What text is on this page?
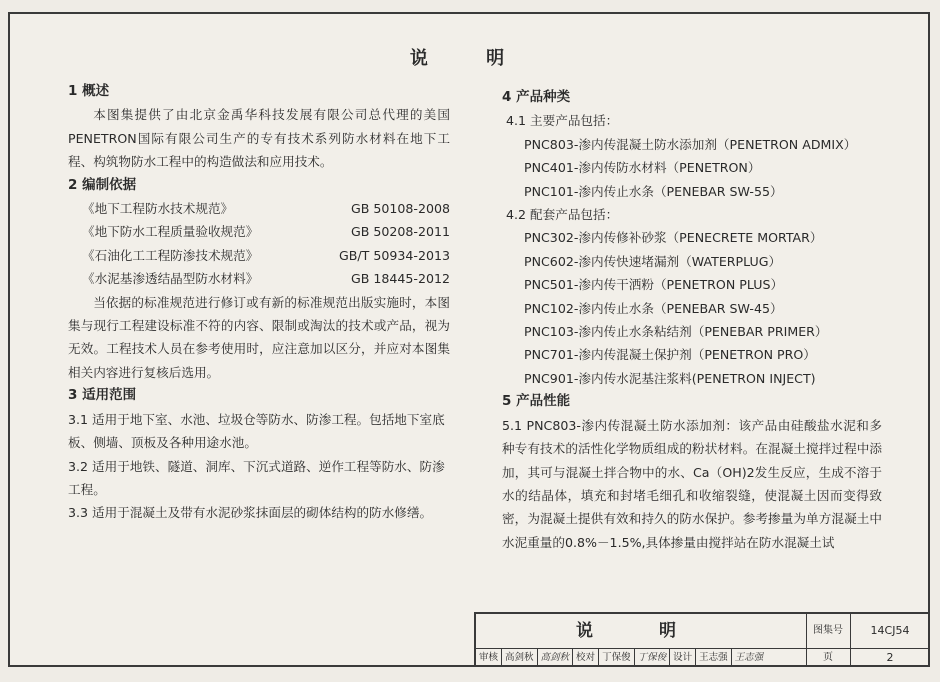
说 明
1 概述
本图集提供了由北京金禹华科技发展有限公司总代理的美国PENETRON国际有限公司生产的专有技术系列防水材料在地下工程、构筑物防水工程中的构造做法和应用技术。
2 编制依据
《地下工程防水技术规范》	GB 50108-2008
《地下防水工程质量验收规范》	GB 50208-2011
《石油化工工程防渗技术规范》	GB/T 50934-2013
《水泥基渗透结晶型防水材料》	GB 18445-2012
当依据的标准规范进行修订或有新的标准规范出版实施时，本图集与现行工程建设标准不符的内容、限制或淘汰的技术或产品，视为无效。工程技术人员在参考使用时，应注意加以区分，并应对本图集相关内容进行复核后选用。
3 适用范围
3.1 适用于地下室、水池、垃圾仓等防水、防渗工程。包括地下室底板、侧墙、顶板及各种用途水池。
3.2 适用于地铁、隧道、洞库、下沉式道路、逆作工程等防水、防渗工程。
3.3 适用于混凝土及带有水泥砂浆抹面层的砌体结构的防水修缮。
4 产品种类
4.1 主要产品包括：
PNC803-渗内传混凝土防水添加剂（PENETRON ADMIX）
PNC401-渗内传防水材料（PENETRON）
PNC101-渗内传止水条（PENEBAR SW-55）
4.2 配套产品包括：
PNC302-渗内传修补砂浆（PENECRETE MORTAR）
PNC602-渗内传快速堵漏剂（WATERPLUG）
PNC501-渗内传干洒粉（PENETRON PLUS）
PNC102-渗内传止水条（PENEBAR SW-45）
PNC103-渗内传止水条粘结剂（PENEBAR PRIMER）
PNC701-渗内传混凝土保护剂（PENETRON PRO）
PNC901-渗内传水泥基注浆料(PENETRON INJECT)
5 产品性能
5.1 PNC803-渗内传混凝土防水添加剂：该产品由硅酸盐水泥和多种专有技术的活性化学物质组成的粉状材料。在混凝土搅拌过程中添加，其可与混凝土拌合物中的水、Ca（OH)2发生反应，生成不溶于水的结晶体，填充和封堵毛细孔和收缩裂缝，使混凝土因而变得致密，为混凝土提供有效和持久的防水保护。参考掺量为单方混凝土中水泥重量的0.8%－1.5%,具体掺量由搅拌站在防水混凝土试
说 明	图集号	14CJ54
审核 高剑秋 高剑秋 校对 丁保俊 丁保俊 设计 王志强 王志强	页	2
